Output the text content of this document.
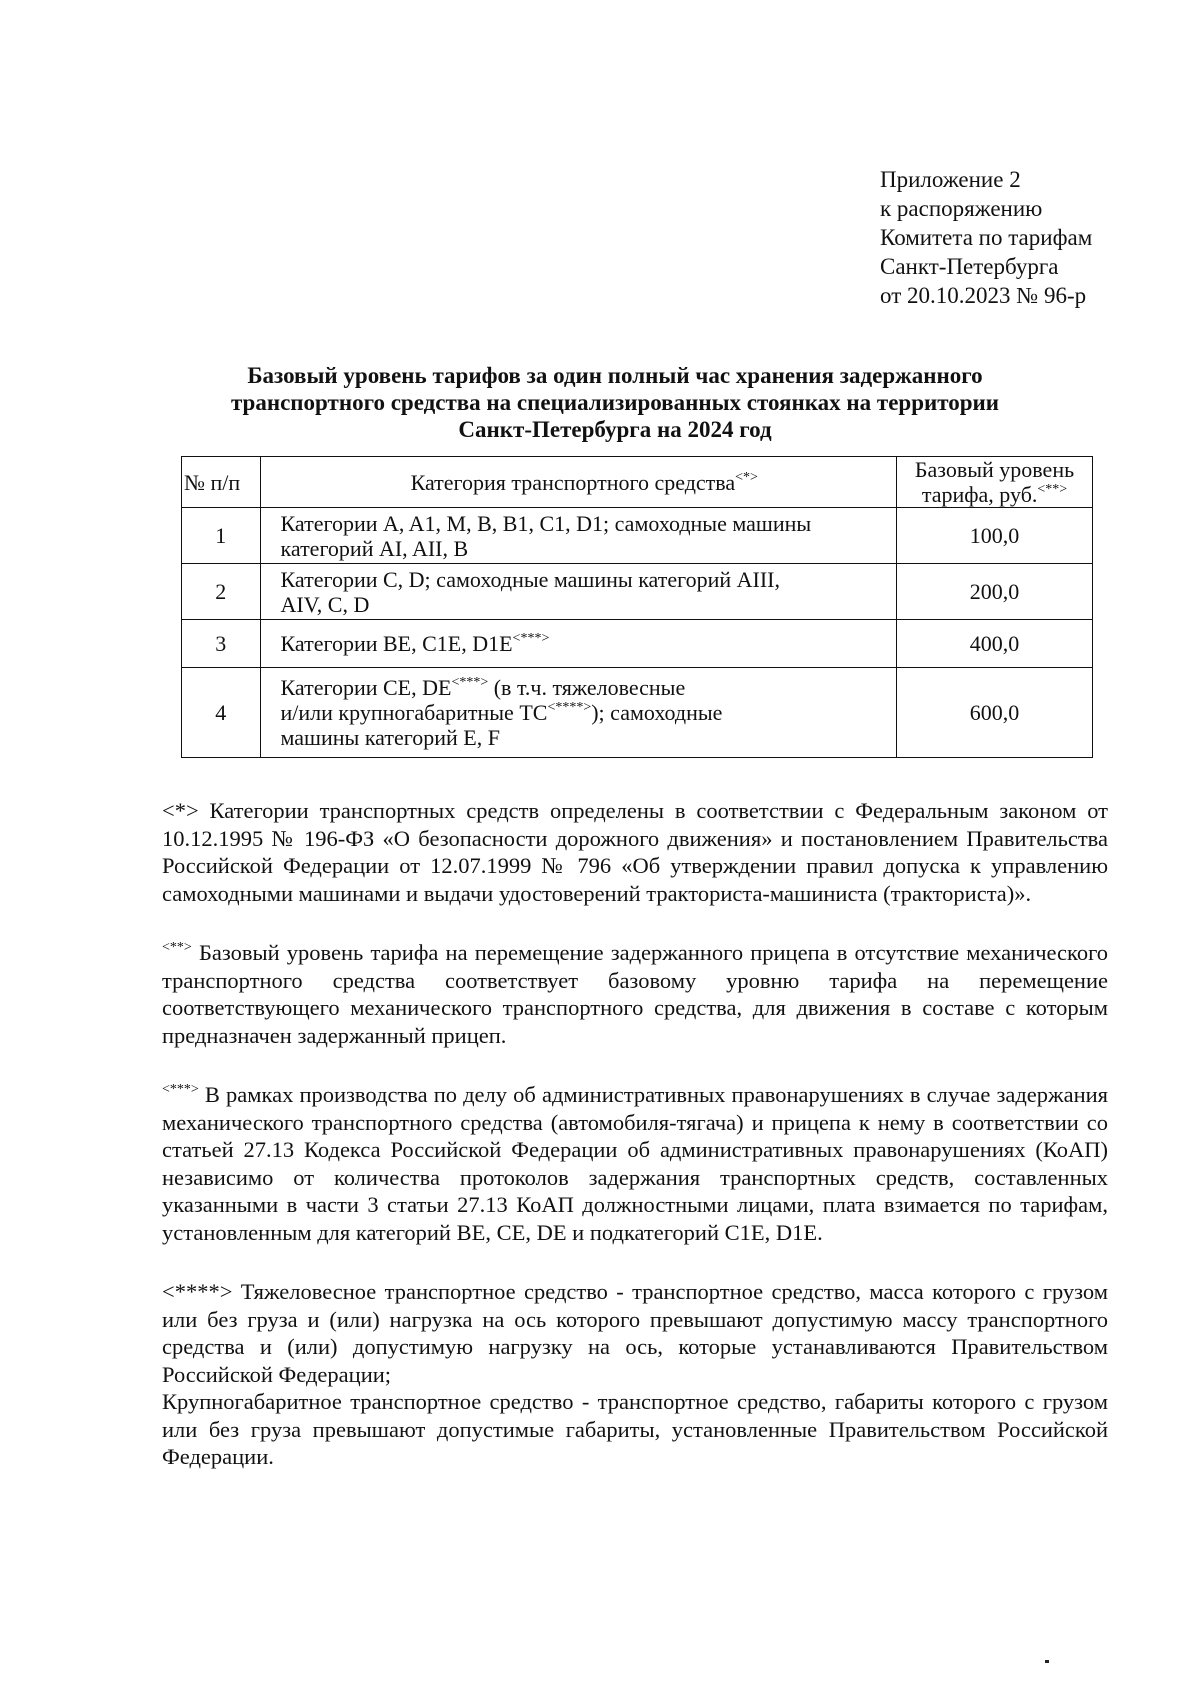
Приложение 2
к распоряжению
Комитета по тарифам
Санкт-Петербурга
от 20.10.2023 № 96-р
Базовый уровень тарифов за один полный час хранения задержанного
транспортного средства на специализированных стоянках на территории
Санкт-Петербурга на 2024 год
№ п/п	Категория транспортного средства<*>	Базовый уровень
тарифа, руб.<**>

1	Категории A, A1, M, B, B1, C1, D1; самоходные машины
категорий AI, AII, B	100,0
2	Категории C, D; самоходные машины категорий AIII,
AIV, C, D	200,0
3	Категории BE, C1E, D1E<***>	400,0
4	Категории CE, DE<***> (в т.ч. тяжеловесные
и/или крупногабаритные ТС<****>); самоходные
машины категорий E, F	600,0

<*> Категории транспортных средств определены в соответствии с Федеральным законом от 10.12.1995 № 196-ФЗ «О безопасности дорожного движения» и постановлением Правительства Российской Федерации от 12.07.1999 № 796 «Об утверждении правил допуска к управлению самоходными машинами и выдачи удостоверений тракториста-машиниста (тракториста)».

<**> Базовый уровень тарифа на перемещение задержанного прицепа в отсутствие механического транспортного средства соответствует базовому уровню тарифа на перемещение соответствующего механического транспортного средства, для движения в составе с которым предназначен задержанный прицеп.

<***> В рамках производства по делу об административных правонарушениях в случае задержания механического транспортного средства (автомобиля-тягача) и прицепа к нему в соответствии со статьей 27.13 Кодекса Российской Федерации об административных правонарушениях (КоАП) независимо от количества протоколов задержания транспортных средств, составленных указанными в части 3 статьи 27.13 КоАП должностными лицами, плата взимается по тарифам, установленным для категорий BE, CE, DE и подкатегорий C1E, D1E.

<****> Тяжеловесное транспортное средство - транспортное средство, масса которого с грузом или без груза и (или) нагрузка на ось которого превышают допустимую массу транспортного средства и (или) допустимую нагрузку на ось, которые устанавливаются Правительством Российской Федерации;

Крупногабаритное транспортное средство - транспортное средство, габариты которого с грузом или без груза превышают допустимые габариты, установленные Правительством Российской Федерации.
